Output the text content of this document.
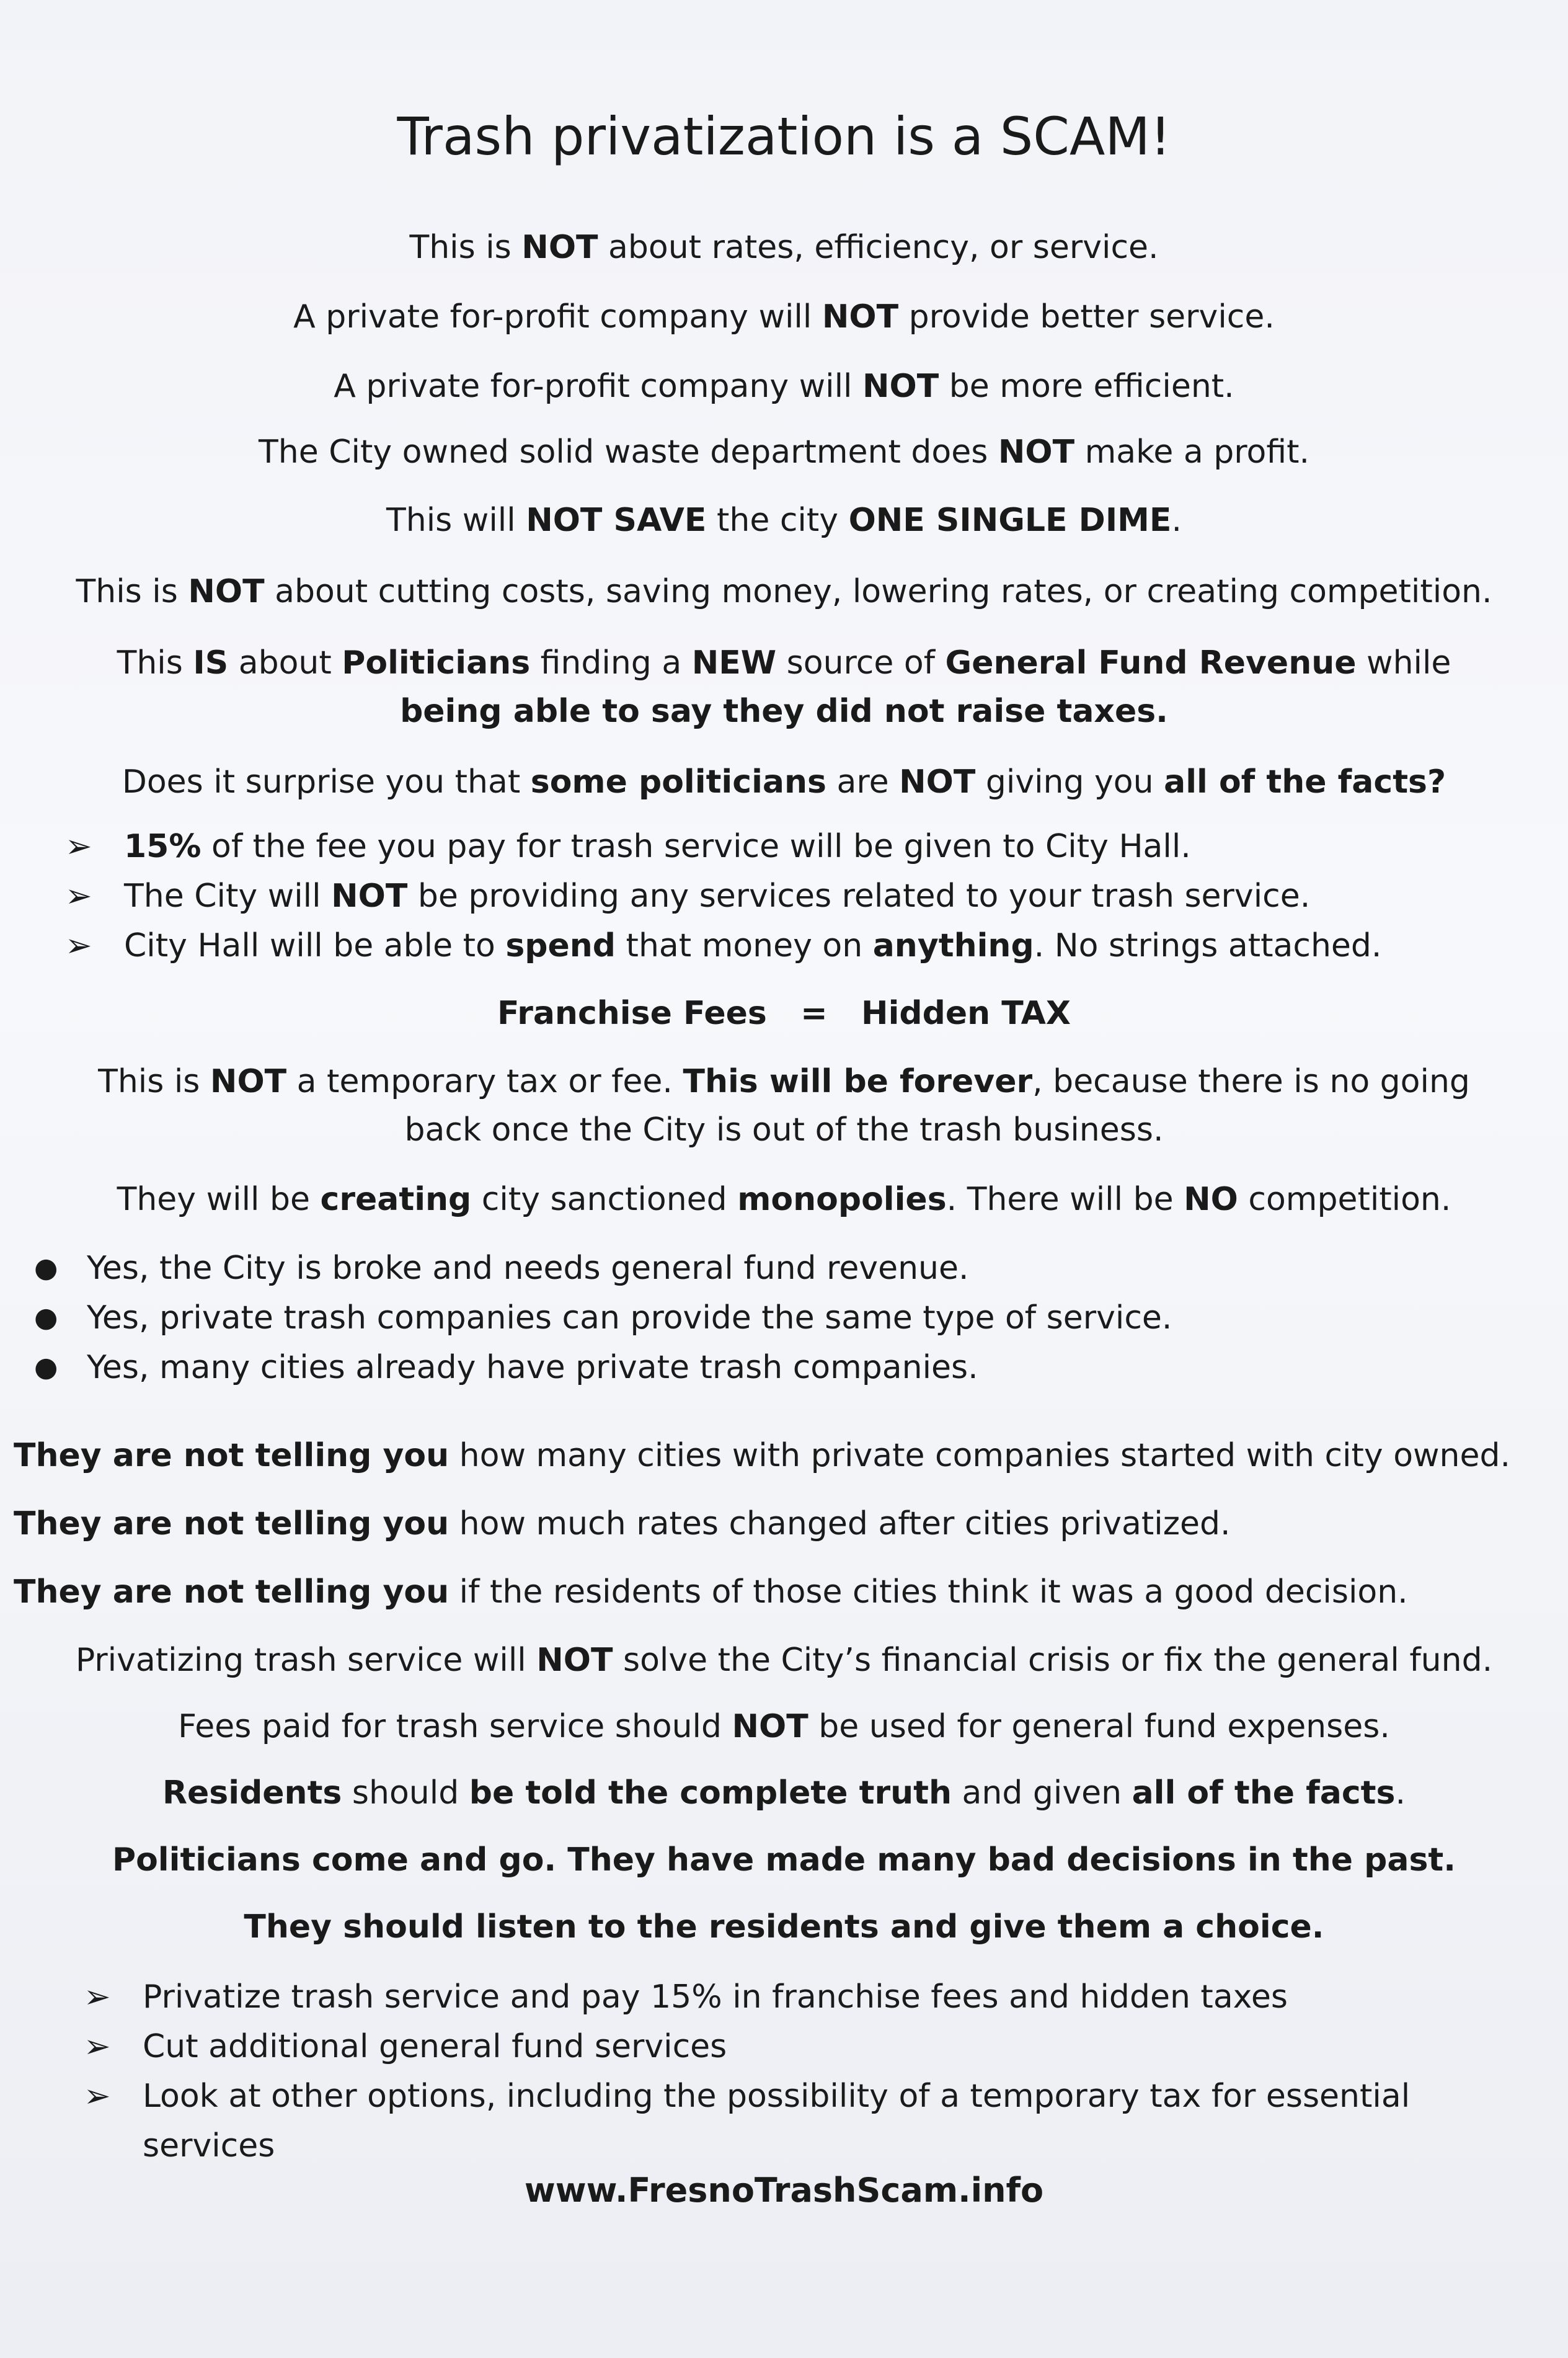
Trash privatization is a SCAM!

This is NOT about rates, efficiency, or service.

A private for-profit company will NOT provide better service.

A private for-profit company will NOT be more efficient.

The City owned solid waste department does NOT make a profit.

This will NOT SAVE the city ONE SINGLE DIME.

This is NOT about cutting costs, saving money, lowering rates, or creating competition.

This IS about Politicians finding a NEW source of General Fund Revenue while
being able to say they did not raise taxes.

Does it surprise you that some politicians are NOT giving you all of the facts?

➢ 15% of the fee you pay for trash service will be given to City Hall.
➢ The City will NOT be providing any services related to your trash service.
➢ City Hall will be able to spend that money on anything. No strings attached.

Franchise Fees = Hidden TAX

This is NOT a temporary tax or fee. This will be forever, because there is no going
back once the City is out of the trash business.

They will be creating city sanctioned monopolies. There will be NO competition.

● Yes, the City is broke and needs general fund revenue.
● Yes, private trash companies can provide the same type of service.
● Yes, many cities already have private trash companies.

They are not telling you how many cities with private companies started with city owned.

They are not telling you how much rates changed after cities privatized.

They are not telling you if the residents of those cities think it was a good decision.

Privatizing trash service will NOT solve the City’s financial crisis or fix the general fund.

Fees paid for trash service should NOT be used for general fund expenses.

Residents should be told the complete truth and given all of the facts.

Politicians come and go. They have made many bad decisions in the past.

They should listen to the residents and give them a choice.

➢ Privatize trash service and pay 15% in franchise fees and hidden taxes
➢ Cut additional general fund services
➢ Look at other options, including the possibility of a temporary tax for essential services
www.FresnoTrashScam.info
